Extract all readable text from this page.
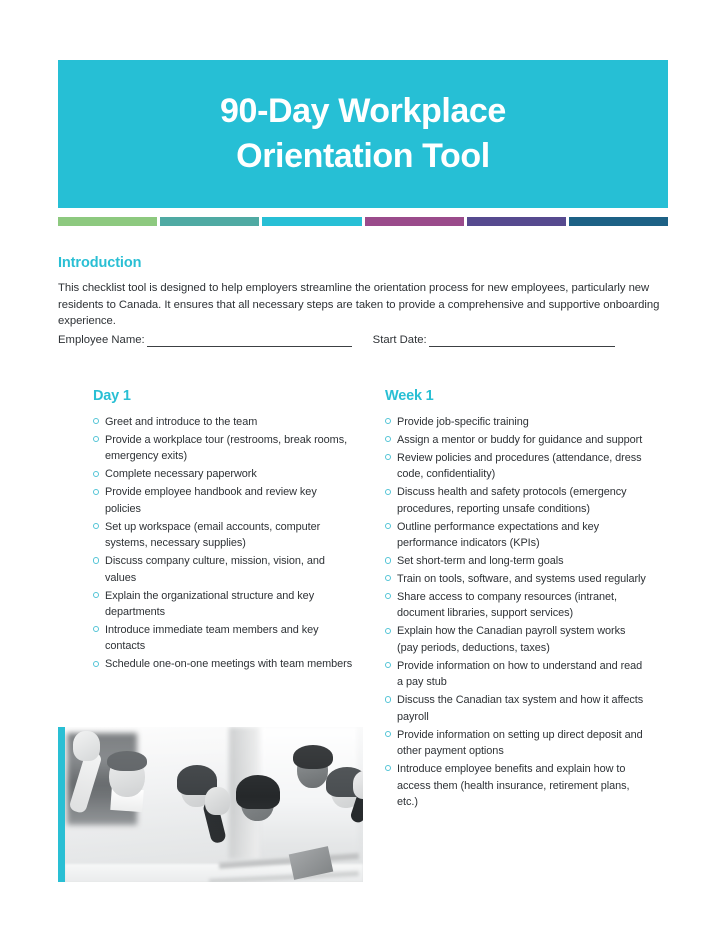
90-Day Workplace
Orientation Tool
Introduction

This checklist tool is designed to help employers streamline the orientation process for new employees, particularly new residents to Canada. It ensures that all necessary steps are taken to provide a comprehensive and supportive onboarding experience.

Employee Name:	Start Date:
Day 1
Greet and introduce to the team
Provide a workplace tour (restrooms, break rooms, emergency exits)
Complete necessary paperwork
Provide employee handbook and review key policies
Set up workspace (email accounts, computer systems, necessary supplies)
Discuss company culture, mission, vision, and values
Explain the organizational structure and key departments
Introduce immediate team members and key contacts
Schedule one-on-one meetings with team members
Week 1
Provide job-specific training
Assign a mentor or buddy for guidance and support
Review policies and procedures (attendance, dress code, confidentiality)
Discuss health and safety protocols (emergency procedures, reporting unsafe conditions)
Outline performance expectations and key performance indicators (KPIs)
Set short-term and long-term goals
Train on tools, software, and systems used regularly
Share access to company resources (intranet, document libraries, support services)
Explain how the Canadian payroll system works (pay periods, deductions, taxes)
Provide information on how to understand and read a pay stub
Discuss the Canadian tax system and how it affects payroll
Provide information on setting up direct deposit and other payment options
Introduce employee benefits and explain how to access them (health insurance, retirement plans, etc.)
